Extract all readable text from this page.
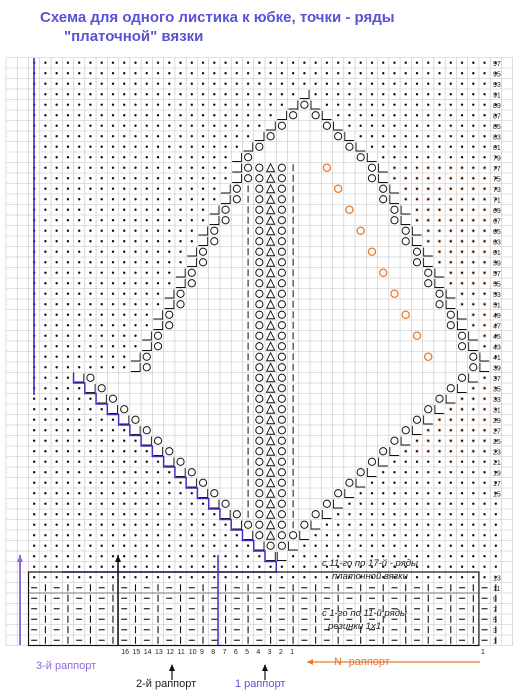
Схема для одного листика к юбке, точки - ряды
"платочной" вязки
1
3
5
7
9
11
13
15
17
19
21
23
25
27
29
31
33
35
37
39
41
43
45
47
49
51
53
55
57
59
61
63
65
67
69
71
73
75
77
79
81
83
85
87
89
91
93
95
97
16 15 14 13 12 11 10 9 8 7 6 5 4 3 2 1	1
с 11-го по 17-й - ряды
платочной вязки
с 1-го по 11-й ряды
резинки 1х1
3-й раппорт
2-й раппорт	1 раппорт
N- раппорт
